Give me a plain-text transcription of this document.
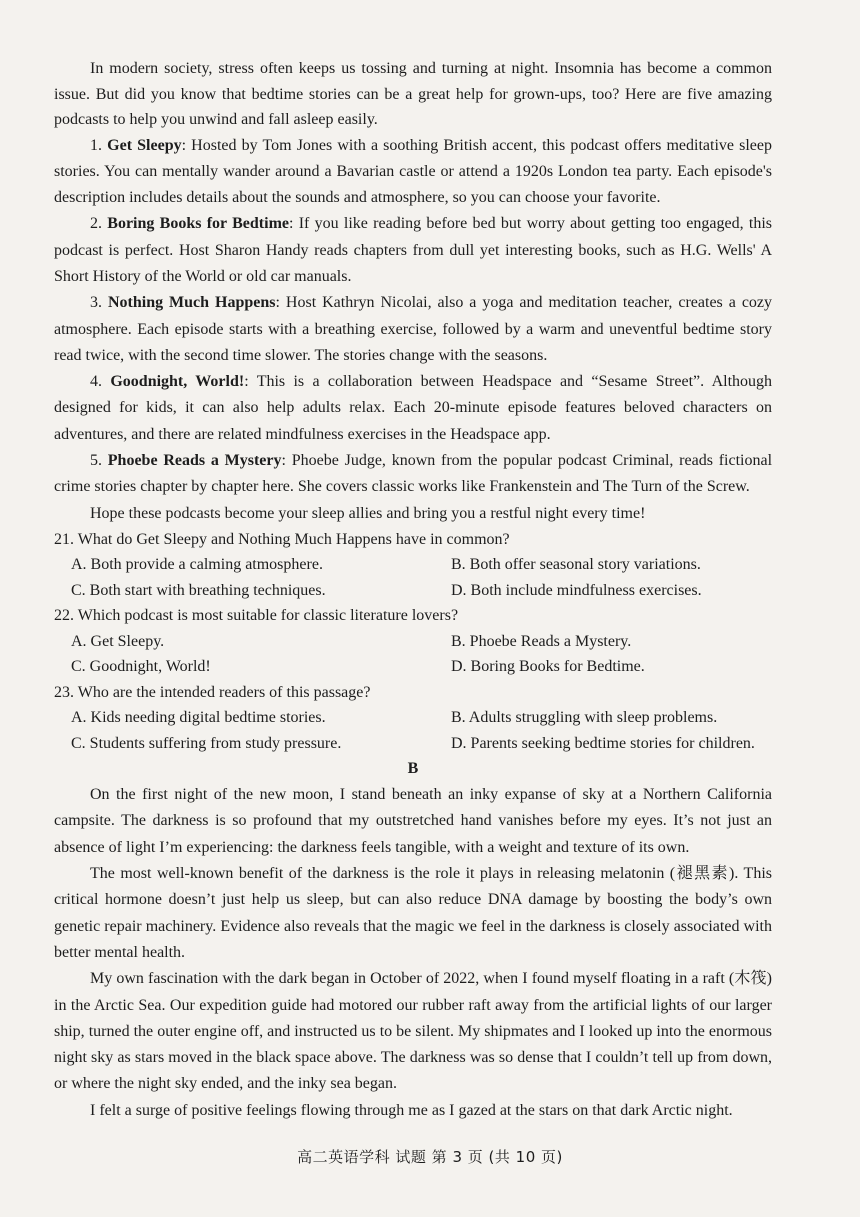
In modern society, stress often keeps us tossing and turning at night. Insomnia has become a common issue. But did you know that bedtime stories can be a great help for grown-ups, too? Here are five amazing podcasts to help you unwind and fall asleep easily.

1. Get Sleepy: Hosted by Tom Jones with a soothing British accent, this podcast offers meditative sleep stories. You can mentally wander around a Bavarian castle or attend a 1920s London tea party. Each episode's description includes details about the sounds and atmosphere, so you can choose your favorite.

2. Boring Books for Bedtime: If you like reading before bed but worry about getting too engaged, this podcast is perfect. Host Sharon Handy reads chapters from dull yet interesting books, such as H.G. Wells' A Short History of the World or old car manuals.

3. Nothing Much Happens: Host Kathryn Nicolai, also a yoga and meditation teacher, creates a cozy atmosphere. Each episode starts with a breathing exercise, followed by a warm and uneventful bedtime story read twice, with the second time slower. The stories change with the seasons.

4. Goodnight, World!: This is a collaboration between Headspace and “Sesame Street”. Although designed for kids, it can also help adults relax. Each 20-minute episode features beloved characters on adventures, and there are related mindfulness exercises in the Headspace app.

5. Phoebe Reads a Mystery: Phoebe Judge, known from the popular podcast Criminal, reads fictional crime stories chapter by chapter here. She covers classic works like Frankenstein and The Turn of the Screw.

Hope these podcasts become your sleep allies and bring you a restful night every time!

21. What do Get Sleepy and Nothing Much Happens have in common?

A. Both provide a calming atmosphere.	B. Both offer seasonal story variations.
C. Both start with breathing techniques.	D. Both include mindfulness exercises.

22. Which podcast is most suitable for classic literature lovers?

A. Get Sleepy.	B. Phoebe Reads a Mystery.
C. Goodnight, World!	D. Boring Books for Bedtime.

23. Who are the intended readers of this passage?

A. Kids needing digital bedtime stories.	B. Adults struggling with sleep problems.
C. Students suffering from study pressure.	D. Parents seeking bedtime stories for children.
B

On the first night of the new moon, I stand beneath an inky expanse of sky at a Northern California campsite. The darkness is so profound that my outstretched hand vanishes before my eyes. It’s not just an absence of light I’m experiencing: the darkness feels tangible, with a weight and texture of its own.

The most well-known benefit of the darkness is the role it plays in releasing melatonin (褪黑素). This critical hormone doesn’t just help us sleep, but can also reduce DNA damage by boosting the body’s own genetic repair machinery. Evidence also reveals that the magic we feel in the darkness is closely associated with better mental health.

My own fascination with the dark began in October of 2022, when I found myself floating in a raft (木筏) in the Arctic Sea. Our expedition guide had motored our rubber raft away from the artificial lights of our larger ship, turned the outer engine off, and instructed us to be silent. My shipmates and I looked up into the enormous night sky as stars moved in the black space above. The darkness was so dense that I couldn’t tell up from down, or where the night sky ended, and the inky sea began.

I felt a surge of positive feelings flowing through me as I gazed at the stars on that dark Arctic night.

高二英语学科 试题 第 3 页 (共 10 页)
